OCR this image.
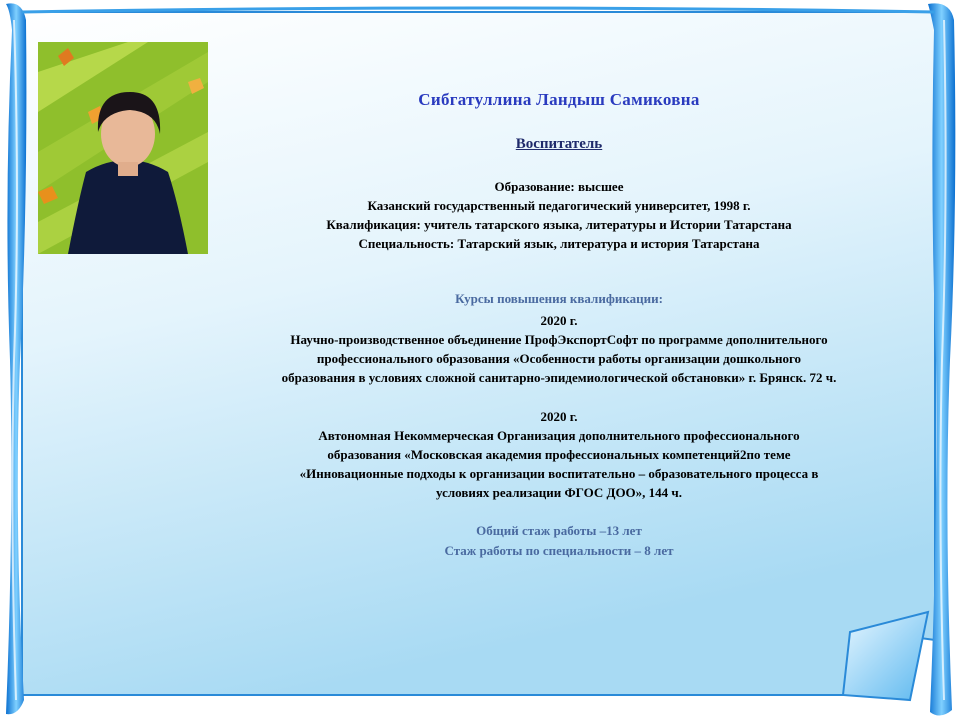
Сибгатуллина Ландыш Самиковна
Воспитатель
Образование: высшее
Казанский государственный педагогический университет, 1998 г.
Квалификация: учитель татарского языка, литературы и Истории Татарстана
Специальность: Татарский язык, литература и история Татарстана
Курсы повышения квалификации:
2020 г.
Научно-производственное объединение ПрофЭкспортСофт по программе дополнительного
профессионального образования «Особенности работы организации дошкольного
образования в условиях сложной санитарно-эпидемиологической обстановки» г. Брянск. 72 ч.
2020 г.
Автономная Некоммерческая Организация дополнительного профессионального
образования «Московская академия профессиональных компетенций2по теме
«Инновационные подходы к организации воспитательно – образовательного процесса в
условиях реализации ФГОС ДОО», 144 ч.
Общий стаж работы –13 лет
Стаж работы по специальности – 8 лет
